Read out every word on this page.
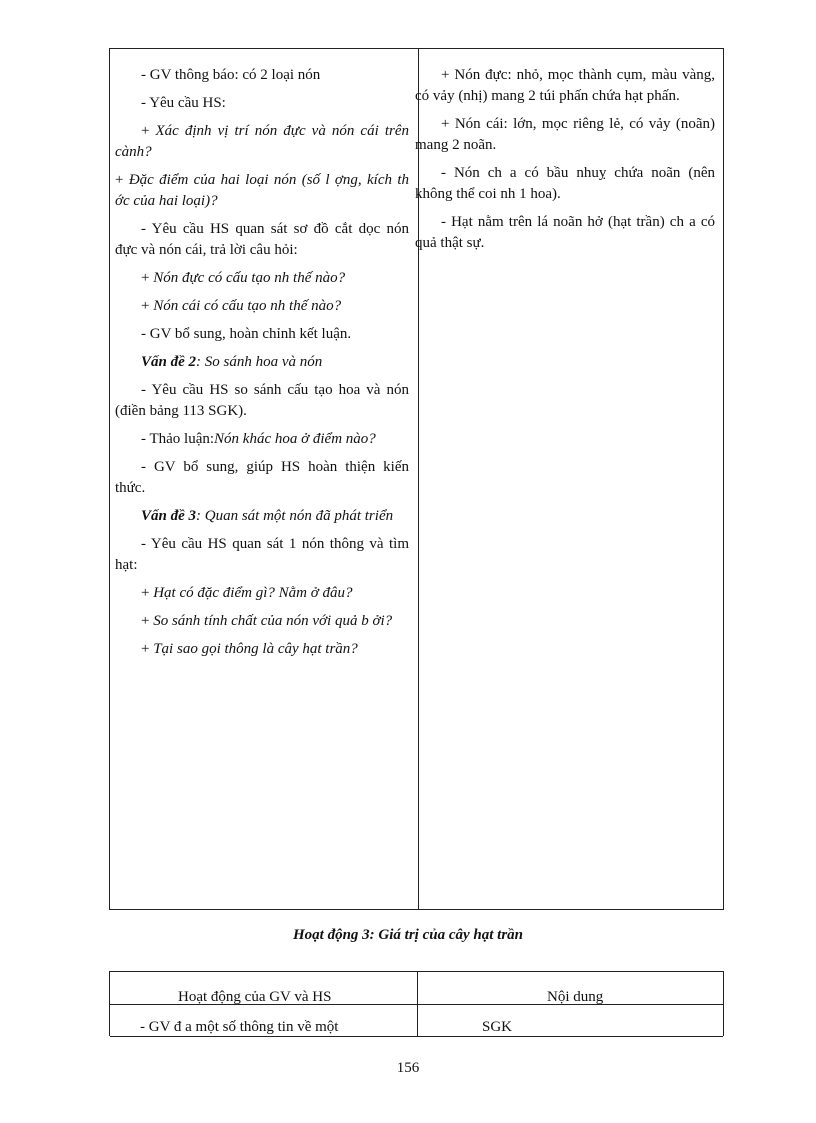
- GV thông báo: có 2 loại nón

- Yêu cầu HS:

+ Xác định vị trí nón đực và nón cái trên cành?

+ Đặc điểm của hai loại nón (số l ợng, kích th ớc của hai loại)?

- Yêu cầu HS quan sát sơ đồ cắt dọc nón đực và nón cái, trả lời câu hỏi:

+ Nón đực có cấu tạo nh thế nào?

+ Nón cái có cấu tạo nh thế nào?

- GV bổ sung, hoàn chỉnh kết luận.

Vấn đề 2: So sánh hoa và nón

- Yêu cầu HS so sánh cấu tạo hoa và nón (điền bảng 113 SGK).

- Thảo luận:Nón khác hoa ở điểm nào?

- GV bổ sung, giúp HS hoàn thiện kiến thức.

Vấn đề 3: Quan sát một nón đã phát triển

- Yêu cầu HS quan sát 1 nón thông và tìm hạt:

+ Hạt có đặc điểm gì? Nằm ở đâu?

+ So sánh tính chất của nón với quả b ởi?

+ Tại sao gọi thông là cây hạt trần?

+ Nón đực: nhỏ, mọc thành cụm, màu vàng, có vảy (nhị) mang 2 túi phấn chứa hạt phấn.

+ Nón cái: lớn, mọc riêng lẻ, có vảy (noãn) mang 2 noãn.

- Nón ch a có bầu nhuỵ chứa noãn (nên không thể coi nh 1 hoa).

- Hạt nằm trên lá noãn hở (hạt trần) ch a có quả thật sự.

Hoạt động 3: Giá trị của cây hạt trần
Hoạt động của GV và HS	Nội dung
- GV đ a một số thông tin về một	SGK
156
